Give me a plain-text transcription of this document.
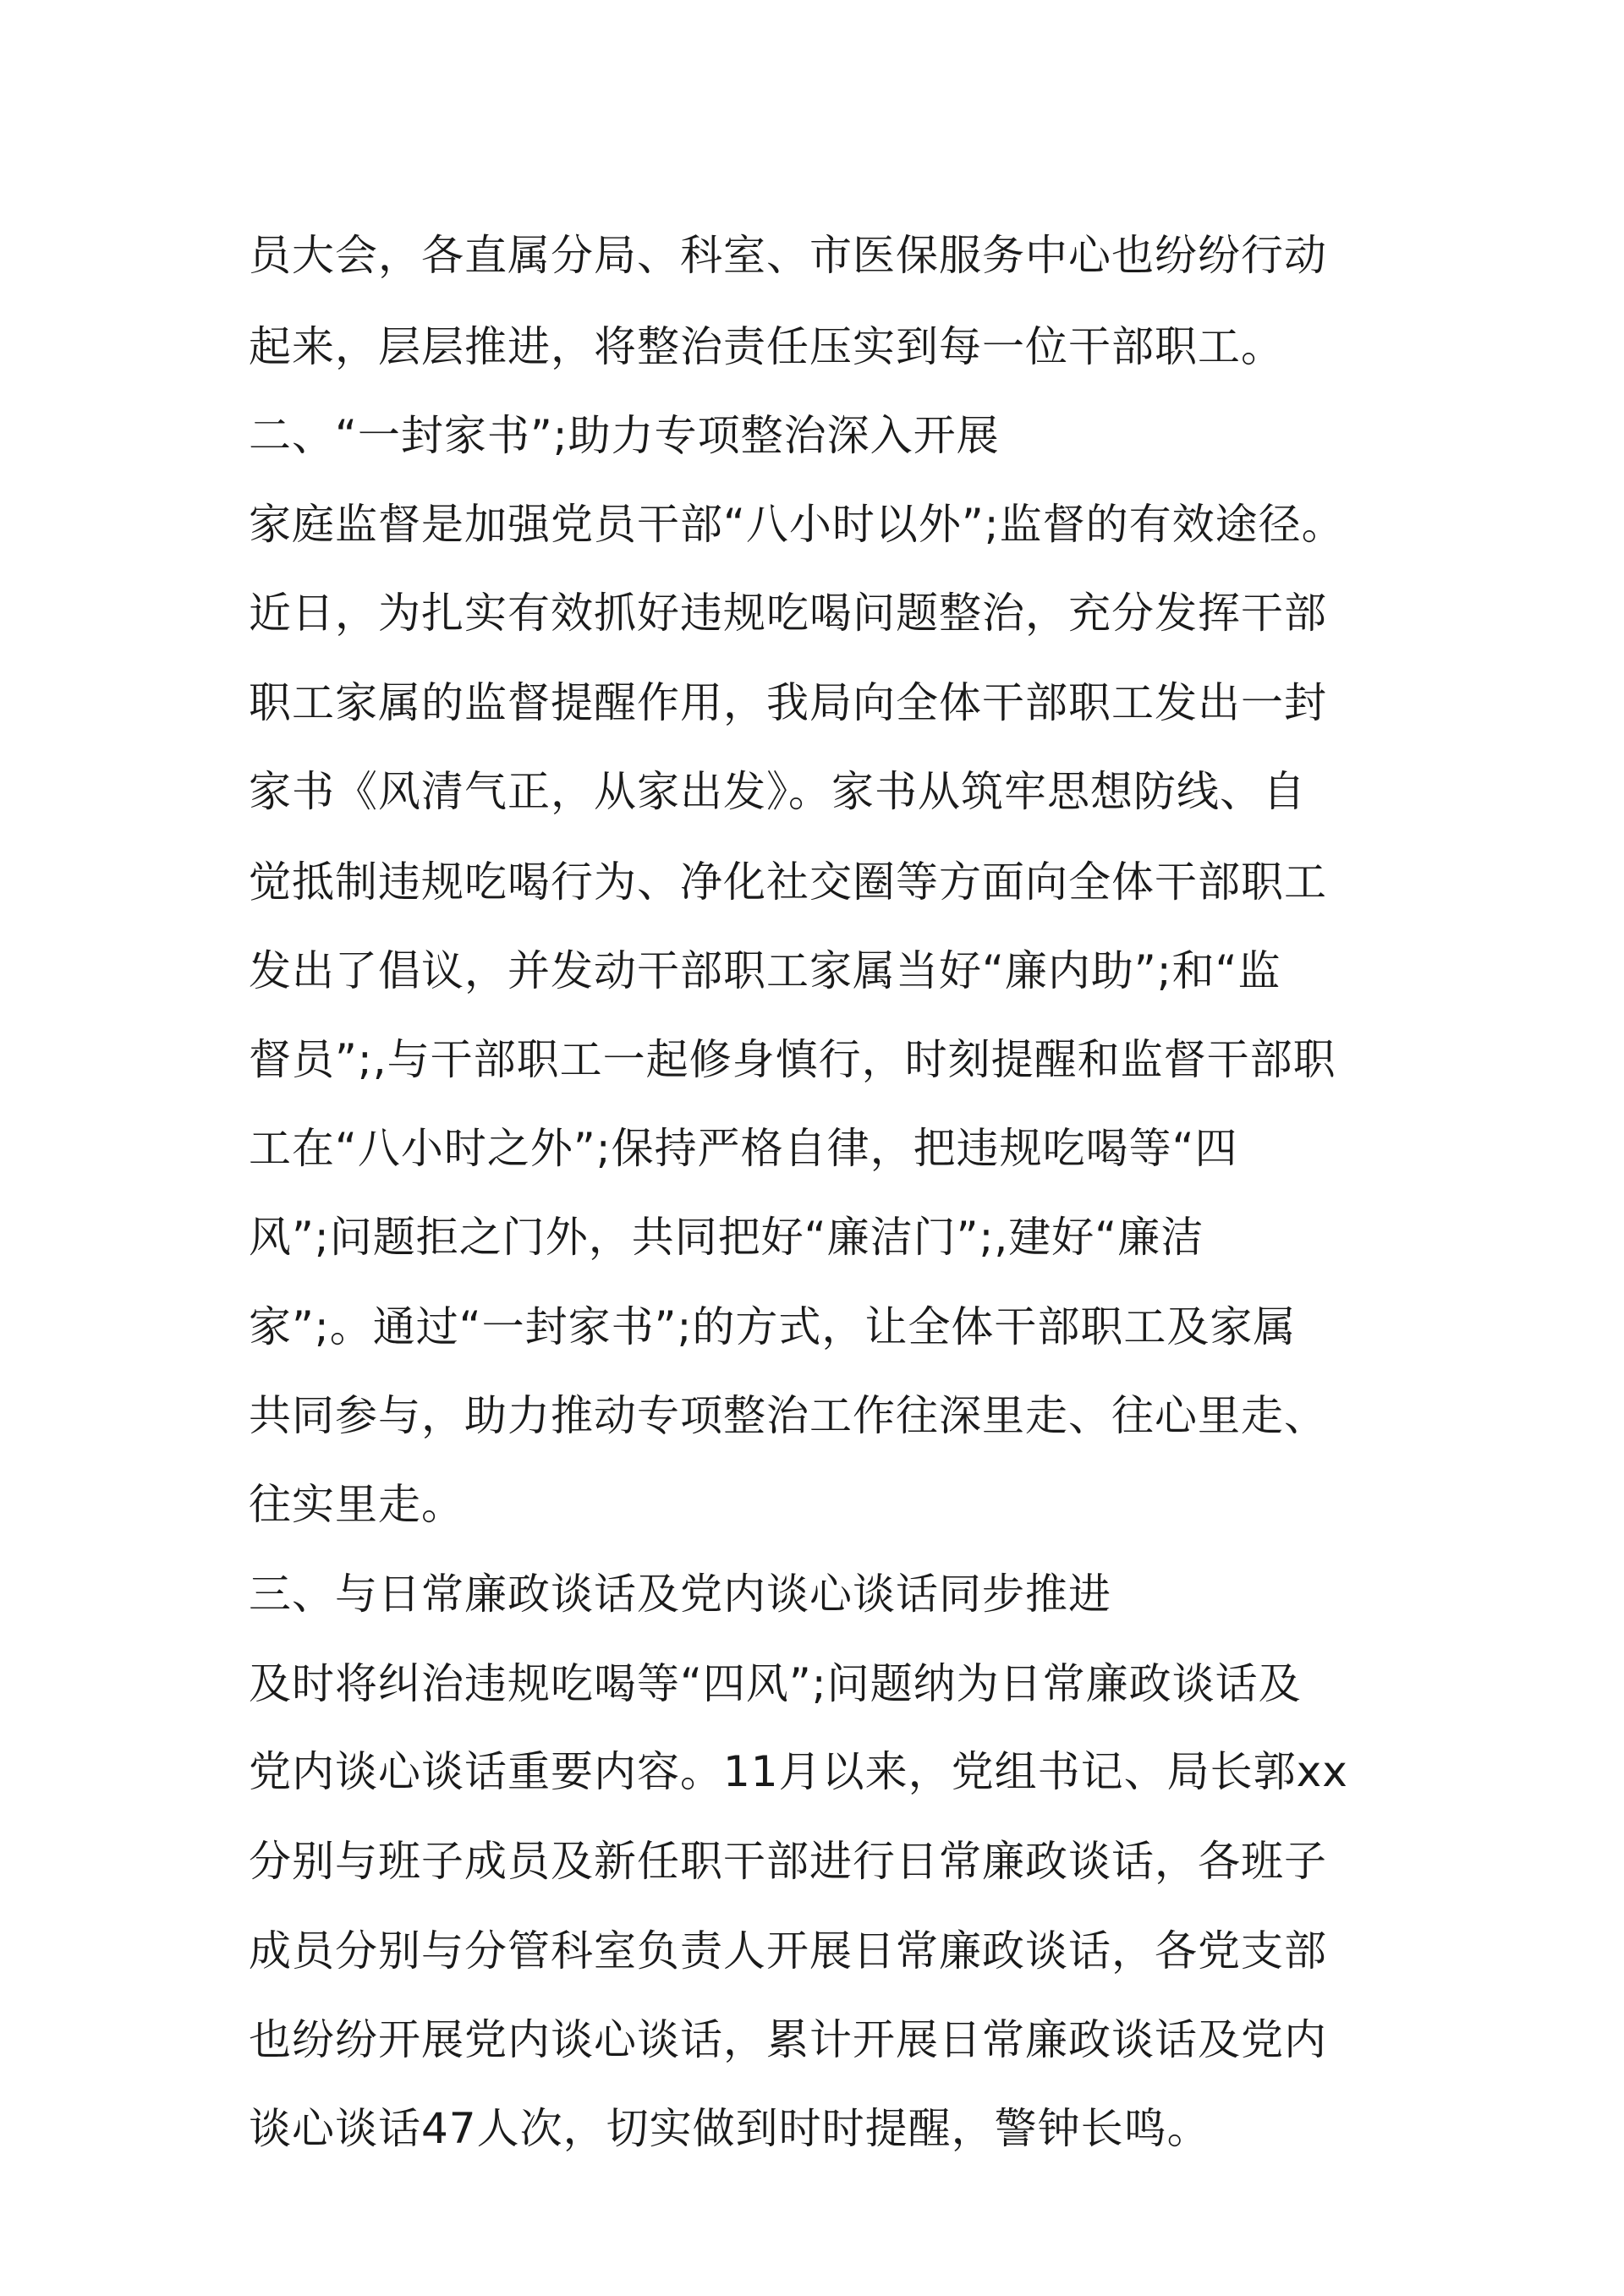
员大会，各直属分局、科室、市医保服务中心也纷纷行动
起来，层层推进，将整治责任压实到每一位干部职工。
二、“一封家书”;助力专项整治深入开展
家庭监督是加强党员干部“八小时以外”;监督的有效途径。
近日，为扎实有效抓好违规吃喝问题整治，充分发挥干部
职工家属的监督提醒作用，我局向全体干部职工发出一封
家书《风清气正，从家出发》。家书从筑牢思想防线、自
觉抵制违规吃喝行为、净化社交圈等方面向全体干部职工
发出了倡议，并发动干部职工家属当好“廉内助”;和“监
督员”;,与干部职工一起修身慎行，时刻提醒和监督干部职
工在“八小时之外”;保持严格自律，把违规吃喝等“四
风”;问题拒之门外，共同把好“廉洁门”;,建好“廉洁
家”;。通过“一封家书”;的方式，让全体干部职工及家属
共同参与，助力推动专项整治工作往深里走、往心里走、
往实里走。
三、与日常廉政谈话及党内谈心谈话同步推进
及时将纠治违规吃喝等“四风”;问题纳为日常廉政谈话及
党内谈心谈话重要内容。11月以来，党组书记、局长郭xx
分别与班子成员及新任职干部进行日常廉政谈话，各班子
成员分别与分管科室负责人开展日常廉政谈话，各党支部
也纷纷开展党内谈心谈话，累计开展日常廉政谈话及党内
谈心谈话47人次，切实做到时时提醒，警钟长鸣。
